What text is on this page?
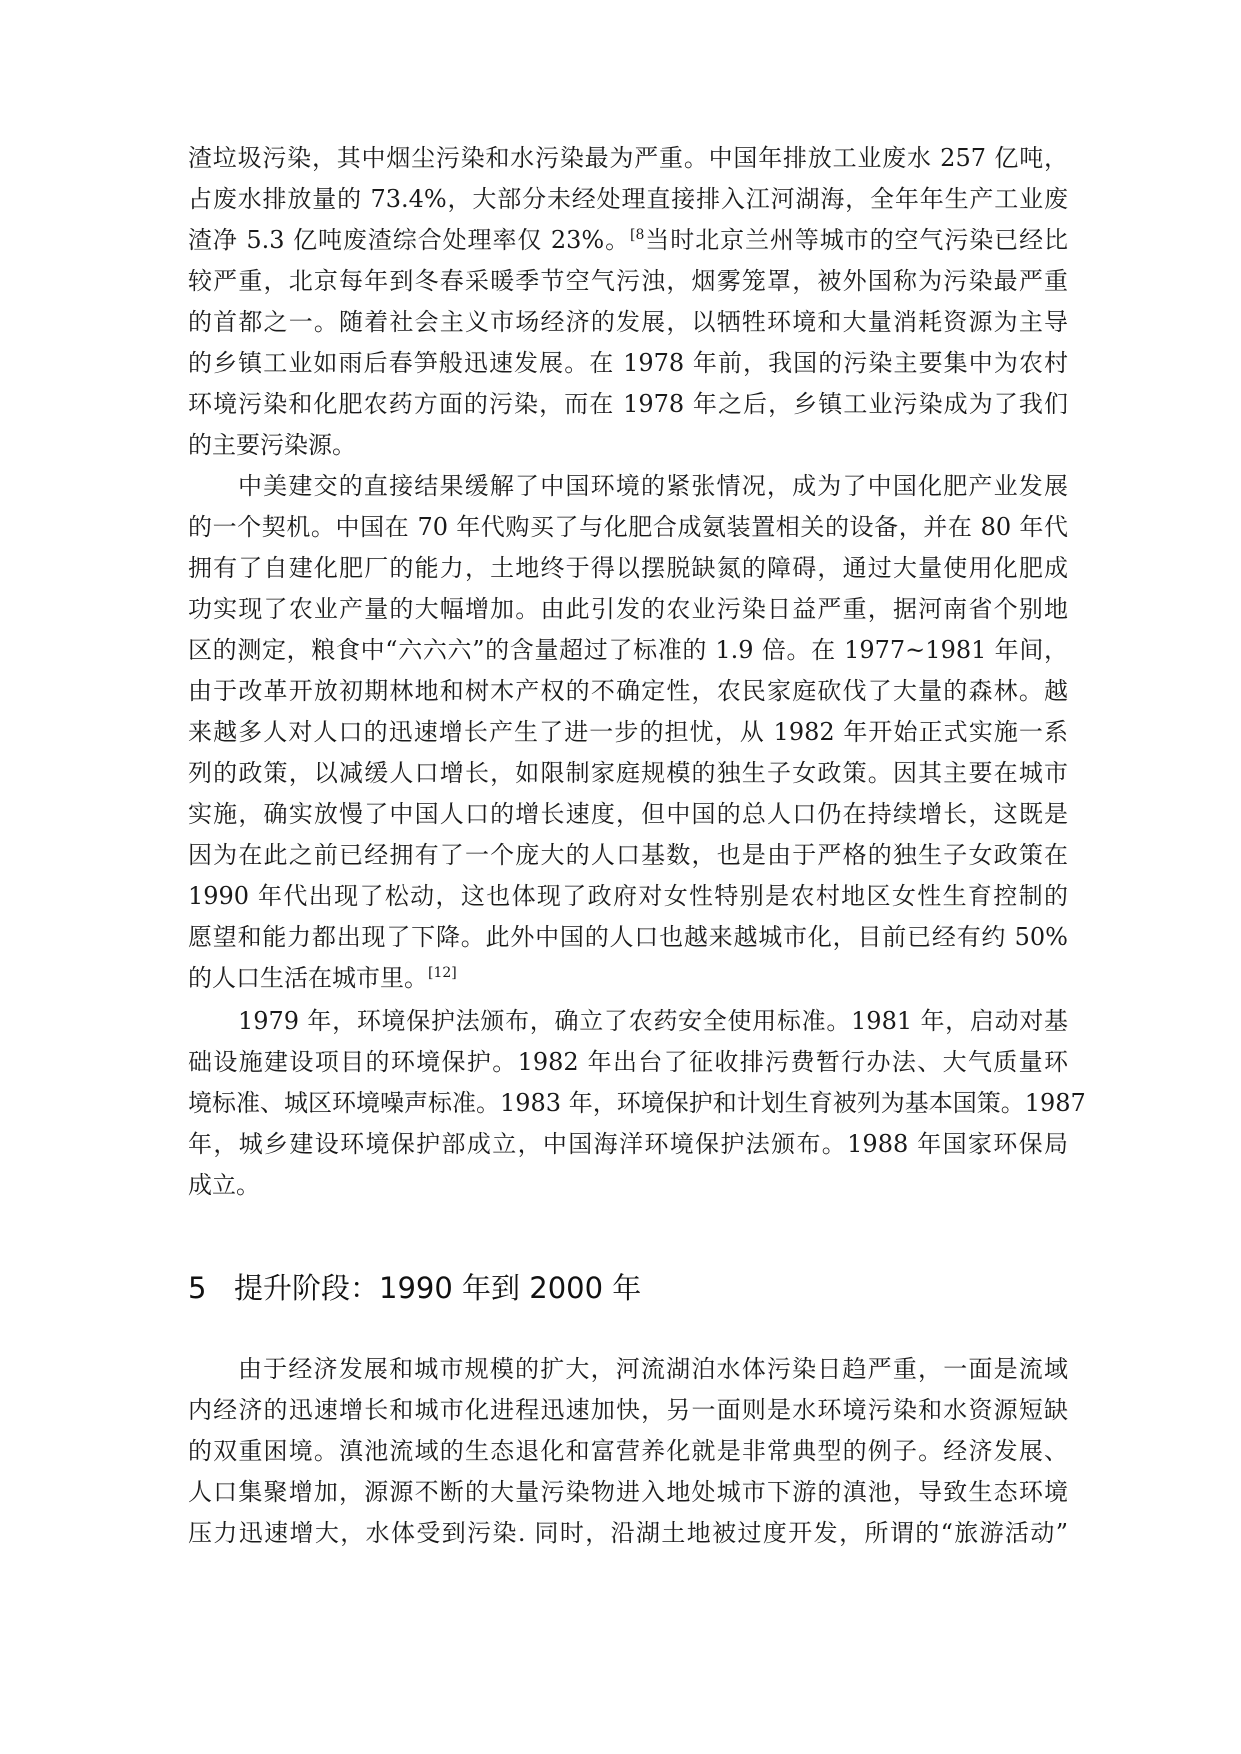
渣垃圾污染，其中烟尘污染和水污染最为严重。中国年排放工业废水 257 亿吨，
占废水排放量的 73.4%，大部分未经处理直接排入江河湖海，全年年生产工业废
渣净 5.3 亿吨废渣综合处理率仅 23%。$^{[8}$当时北京兰州等城市的空气污染已经比
较严重，北京每年到冬春采暖季节空气污浊，烟雾笼罩，被外国称为污染最严重
的首都之一。随着社会主义市场经济的发展，以牺牲环境和大量消耗资源为主导
的乡镇工业如雨后春笋般迅速发展。在 1978 年前，我国的污染主要集中为农村
环境污染和化肥农药方面的污染，而在 1978 年之后，乡镇工业污染成为了我们
的主要污染源。
中美建交的直接结果缓解了中国环境的紧张情况，成为了中国化肥产业发展
的一个契机。中国在 70 年代购买了与化肥合成氨装置相关的设备，并在 80 年代
拥有了自建化肥厂的能力，土地终于得以摆脱缺氮的障碍，通过大量使用化肥成
功实现了农业产量的大幅增加。由此引发的农业污染日益严重，据河南省个别地
区的测定，粮食中“六六六”的含量超过了标准的 1.9 倍。在 1977~1981 年间，
由于改革开放初期林地和树木产权的不确定性，农民家庭砍伐了大量的森林。越
来越多人对人口的迅速增长产生了进一步的担忧，从 1982 年开始正式实施一系
列的政策，以减缓人口增长，如限制家庭规模的独生子女政策。因其主要在城市
实施，确实放慢了中国人口的增长速度，但中国的总人口仍在持续增长，这既是
因为在此之前已经拥有了一个庞大的人口基数，也是由于严格的独生子女政策在
1990 年代出现了松动，这也体现了政府对女性特别是农村地区女性生育控制的
愿望和能力都出现了下降。此外中国的人口也越来越城市化，目前已经有约 50%
的人口生活在城市里。[12]
1979 年，环境保护法颁布，确立了农药安全使用标准。1981 年，启动对基
础设施建设项目的环境保护。1982 年出台了征收排污费暂行办法、大气质量环
境标准、城区环境噪声标准。1983 年，环境保护和计划生育被列为基本国策。1987
年，城乡建设环境保护部成立，中国海洋环境保护法颁布。1988 年国家环保局
成立。
5 提升阶段：1990 年到 2000 年
由于经济发展和城市规模的扩大，河流湖泊水体污染日趋严重，一面是流域
内经济的迅速增长和城市化进程迅速加快，另一面则是水环境污染和水资源短缺
的双重困境。滇池流域的生态退化和富营养化就是非常典型的例子。经济发展、
人口集聚增加，源源不断的大量污染物进入地处城市下游的滇池，导致生态环境
压力迅速增大，水体受到污染. 同时，沿湖土地被过度开发，所谓的“旅游活动”
